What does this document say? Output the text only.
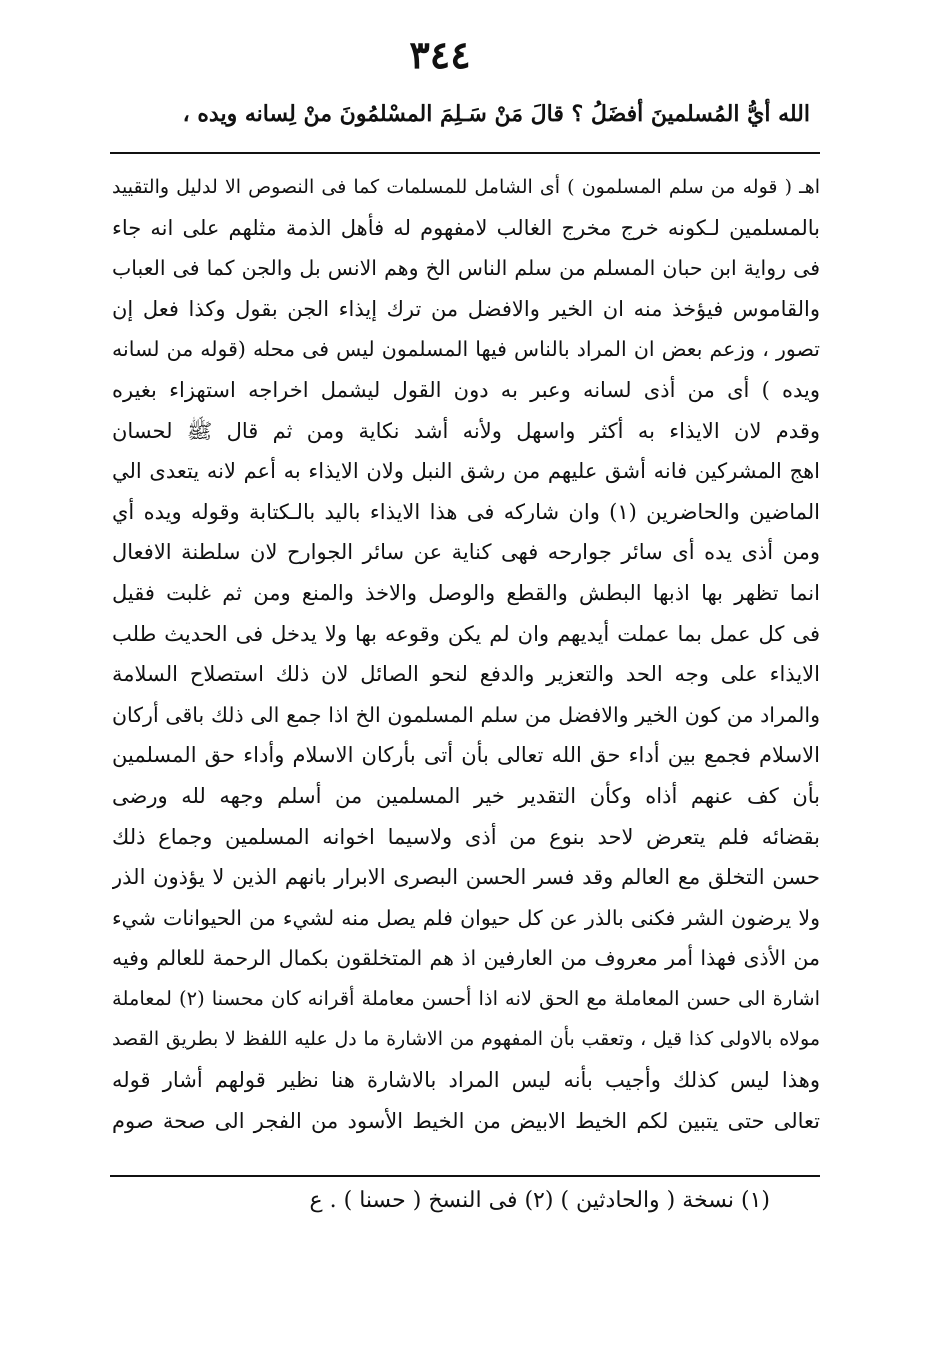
٣٤٤
الله أيُّ المُسلمينَ أفضَلُ ؟ قالَ مَنْ سَـلِمَ المسْلمُونَ منْ لِسانه ويده ،
اهـ ( قوله من سلم المسلمون ) أى الشامل للمسلمات كما فى النصوص الا لدليل والتقييد
بالمسلمين لـكونه خرج مخرج الغالب لامفهوم له فأهل الذمة مثلهم على انه جاء
فى رواية ابن حبان المسلم من سلم الناس الخ وهم الانس بل والجن كما فى العباب
والقاموس فيؤخذ منه ان الخير والافضل من ترك إيذاء الجن بقول وكذا فعل إن
تصور ، وزعم بعض ان المراد بالناس فيها المسلمون ليس فى محله (قوله من لسانه
ويده ) أى من أذى لسانه وعبر به دون القول ليشمل اخراجه استهزاء بغيره
وقدم لان الايذاء به أكثر واسهل ولأنه أشد نكاية ومن ثم قال ﷺ لحسان
اهج المشركين فانه أشق عليهم من رشق النبل ولان الايذاء به أعم لانه يتعدى الي
الماضين والحاضرين (١) وان شاركه فى هذا الايذاء باليد بالـكتابة وقوله ويده أي
ومن أذى يده أى سائر جوارحه فهى كناية عن سائر الجوارح لان سلطنة الافعال
انما تظهر بها اذبها البطش والقطع والوصل والاخذ والمنع ومن ثم غلبت فقيل
فى كل عمل بما عملت أيديهم وان لم يكن وقوعه بها ولا يدخل فى الحديث طلب
الايذاء على وجه الحد والتعزير والدفع لنحو الصائل لان ذلك استصلاح السلامة
والمراد من كون الخير والافضل من سلم المسلمون الخ اذا جمع الى ذلك باقى أركان
الاسلام فجمع بين أداء حق الله تعالى بأن أتى بأركان الاسلام وأداء حق المسلمين
بأن كف عنهم أذاه وكأن التقدير خير المسلمين من أسلم وجهه لله ورضى
بقضائه فلم يتعرض لاحد بنوع من أذى ولاسيما اخوانه المسلمين وجماع ذلك
حسن التخلق مع العالم وقد فسر الحسن البصرى الابرار بانهم الذين لا يؤذون الذر
ولا يرضون الشر فكنى بالذر عن كل حيوان فلم يصل منه لشيء من الحيوانات شيء
من الأذى فهذا أمر معروف من العارفين اذ هم المتخلقون بكمال الرحمة للعالم وفيه
اشارة الى حسن المعاملة مع الحق لانه اذا أحسن معاملة أقرانه كان محسنا (٢) لمعاملة
مولاه بالاولى كذا قيل ، وتعقب بأن المفهوم من الاشارة ما دل عليه اللفظ لا بطريق القصد
وهذا ليس كذلك وأجيب بأنه ليس المراد بالاشارة هنا نظير قولهم أشار قوله
تعالى حتى يتبين لكم الخيط الابيض من الخيط الأسود من الفجر الى صحة صوم
(١) نسخة ( والحادثين ) (٢) فى النسخ ( حسنا ) . ع
